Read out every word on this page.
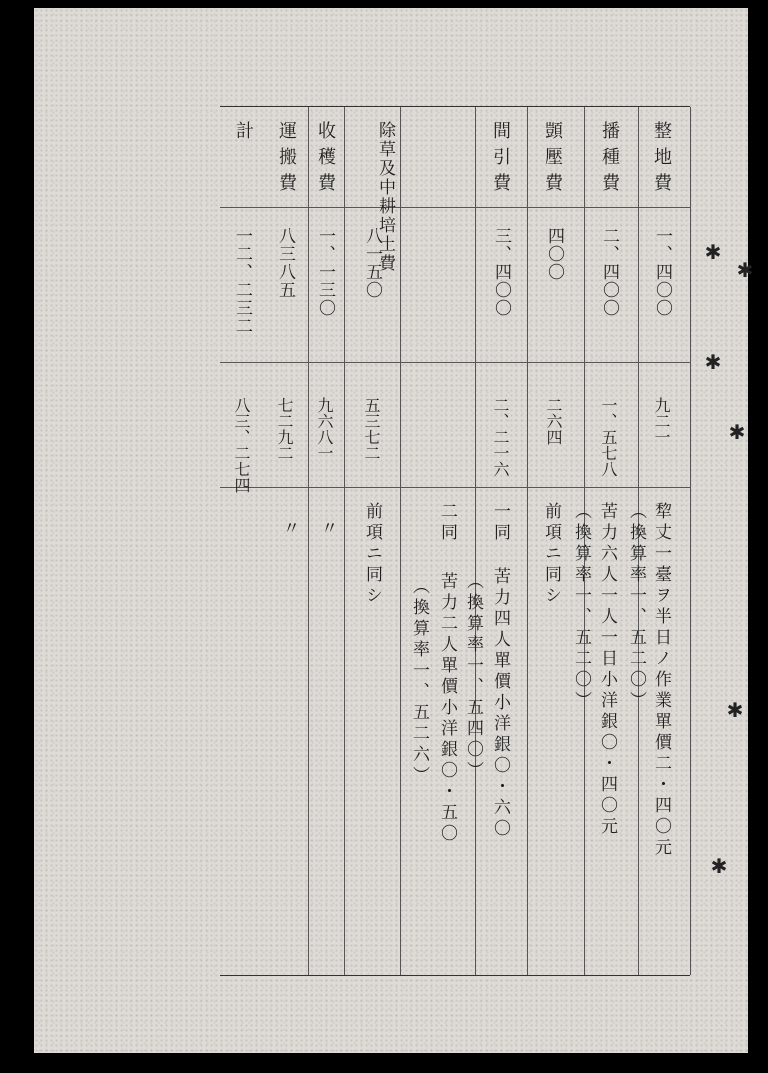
整地費
一、四〇〇
九二一
犂丈一臺ヲ半日ノ作業單價二・四〇元
（換算率一、五二〇）
播種費
二、四〇〇
一、五七八
苦力六人一人一日小洋銀〇・四〇元
（換算率一、五二〇）
顗壓費
四〇〇
二六四
前項ニ同シ
間引費
三、四〇〇
二、二一六
一同
苦力四人單價小洋銀〇・六〇
（換算率一、五四〇）
二同
苦力二人單價小洋銀〇・五〇
（換算率一、五二六）
除草及中耕培土費
八一五〇
五三七二
前項ニ同シ
收穫費
一、一三〇
九六八一
〃
運搬費
八三八五
七二九二
〃
計
一二、二三二
八三、二七四
✱
✱
✱
✱
✱
✱
